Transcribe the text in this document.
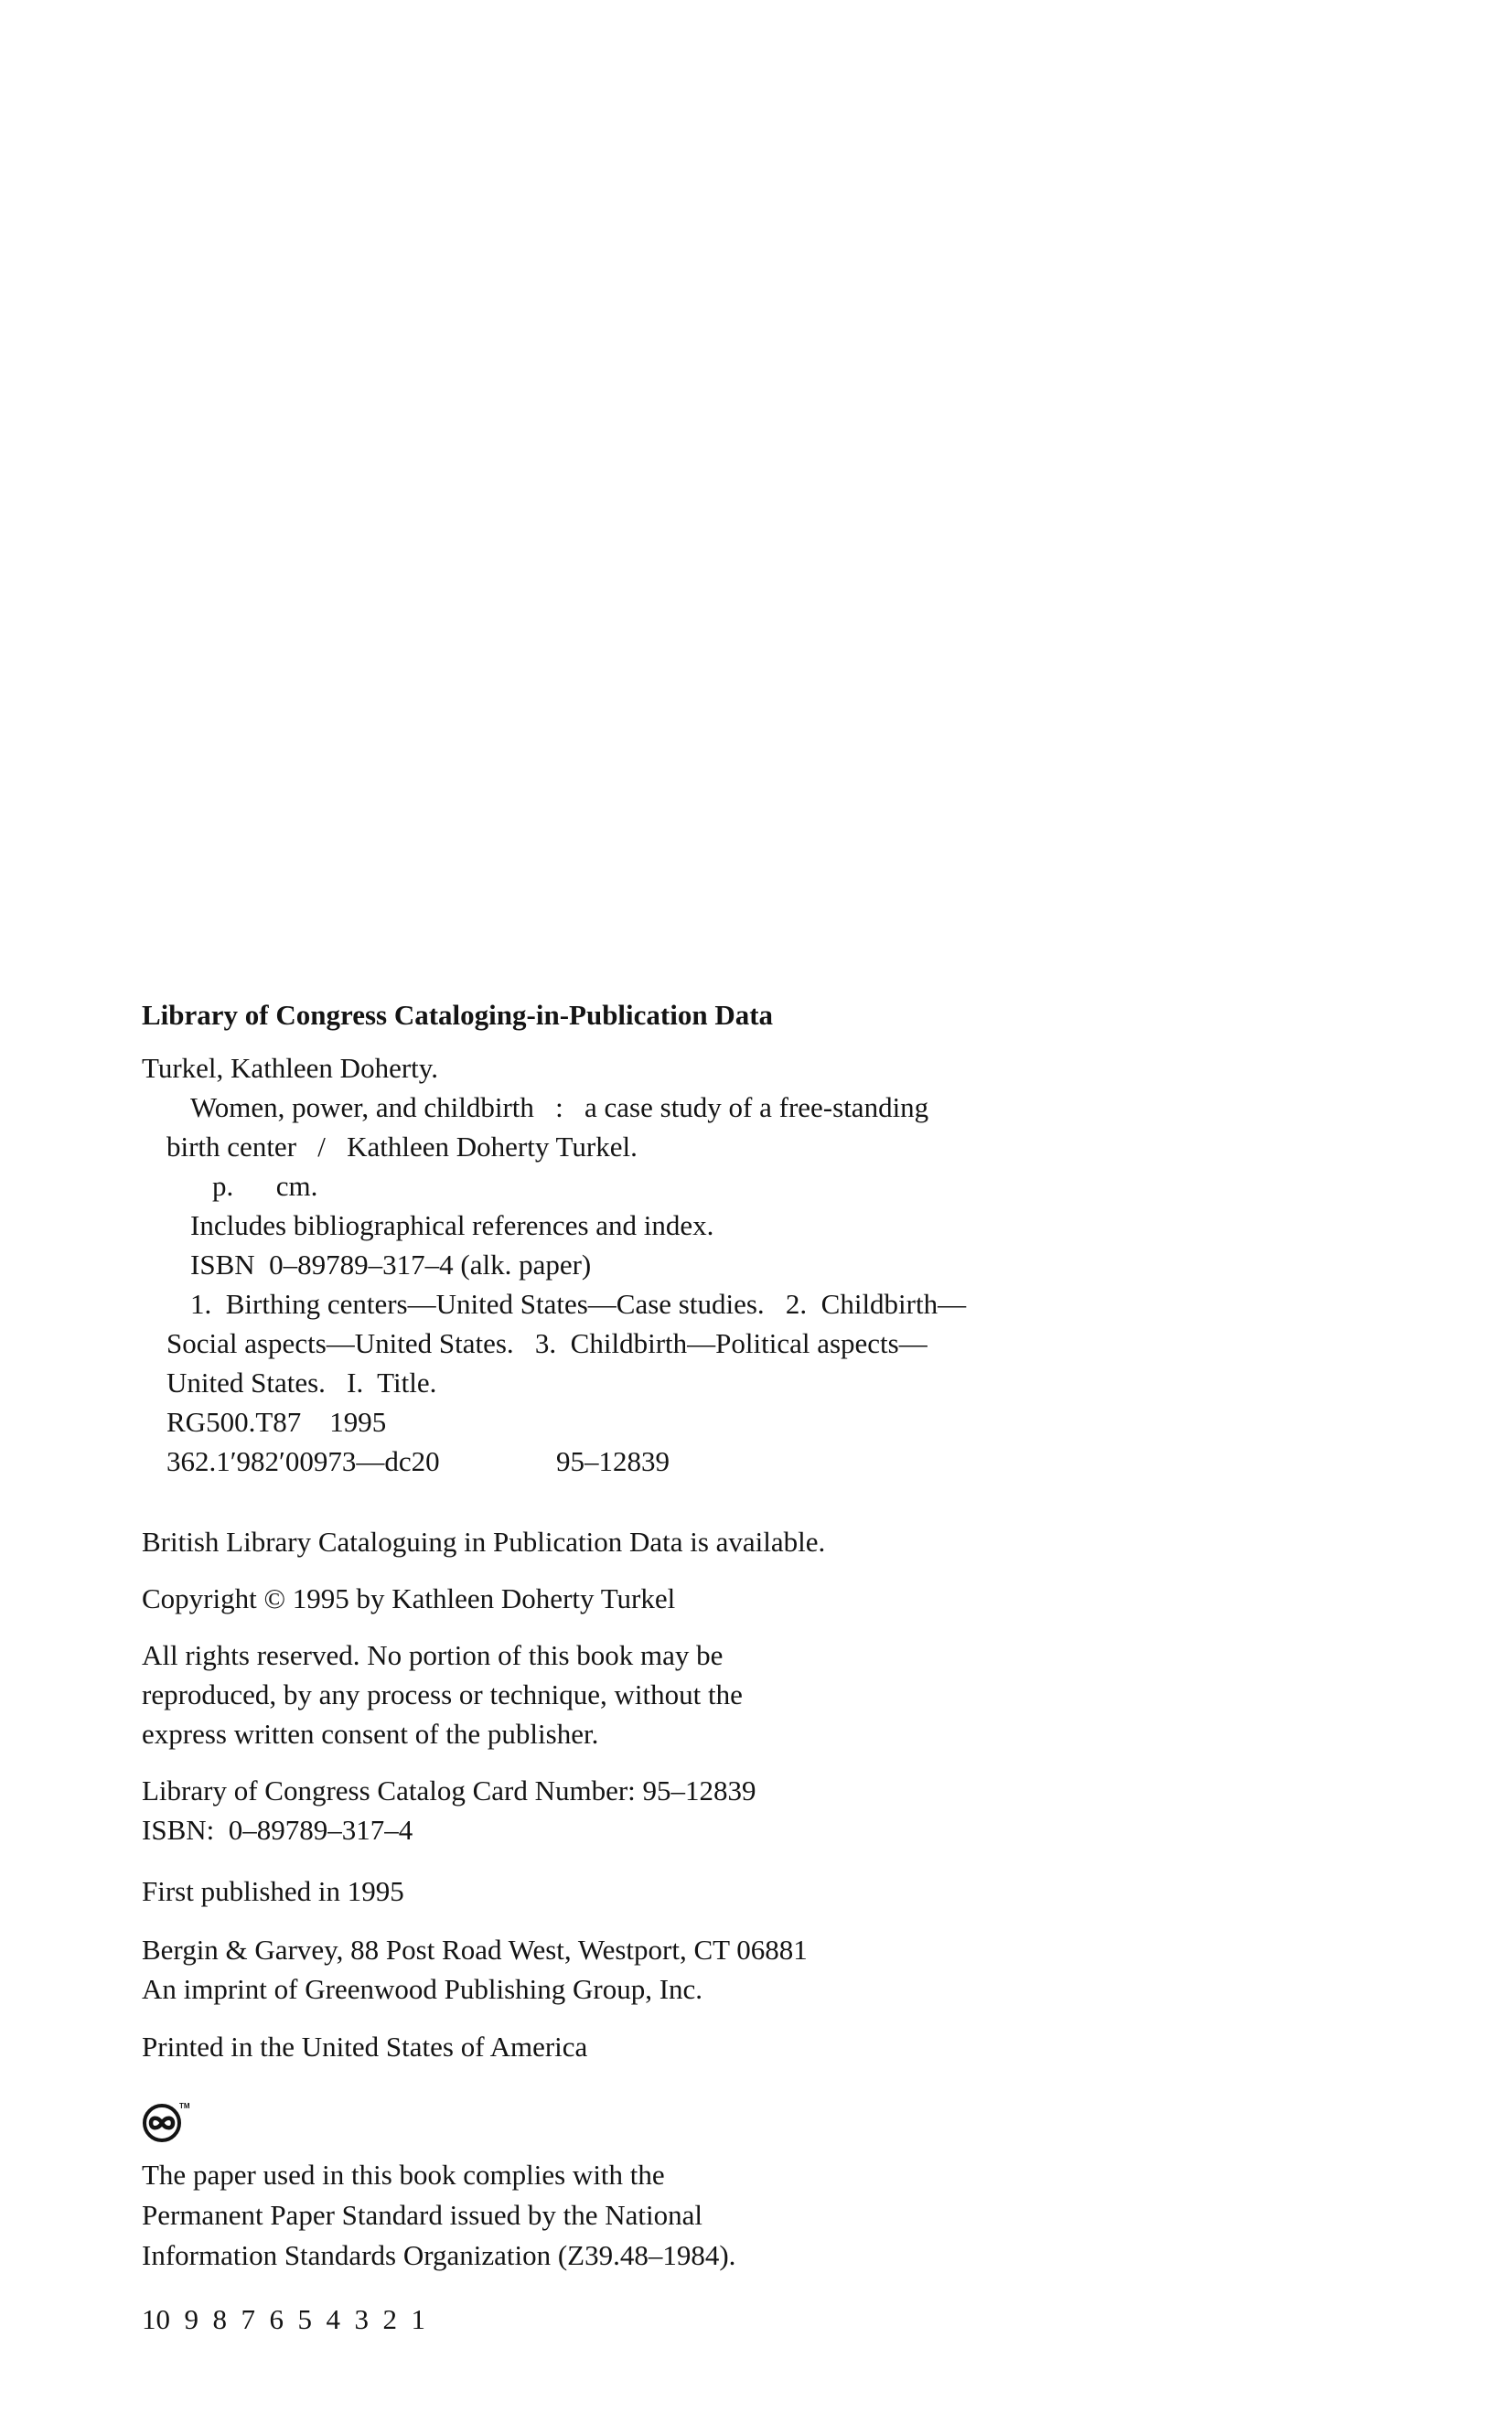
Library of Congress Cataloging-in-Publication Data

Turkel, Kathleen Doherty.

Women, power, and childbirth   :   a case study of a free-standing

birth center   /   Kathleen Doherty Turkel.

p.      cm.

Includes bibliographical references and index.

ISBN  0–89789–317–4 (alk. paper)

1.  Birthing centers—United States—Case studies.   2.  Childbirth—

Social aspects—United States.   3.  Childbirth—Political aspects—

United States.   I.  Title.

RG500.T87    1995

362.1′982′00973—dc20	95–12839

British Library Cataloguing in Publication Data is available.

Copyright © 1995 by Kathleen Doherty Turkel

All rights reserved. No portion of this book may be

reproduced, by any process or technique, without the

express written consent of the publisher.

Library of Congress Catalog Card Number: 95–12839

ISBN:  0–89789–317–4

First published in 1995

Bergin & Garvey, 88 Post Road West, Westport, CT 06881

An imprint of Greenwood Publishing Group, Inc.

Printed in the United States of America

TM

The paper used in this book complies with the

Permanent Paper Standard issued by the National

Information Standards Organization (Z39.48–1984).

10  9  8  7  6  5  4  3  2  1
